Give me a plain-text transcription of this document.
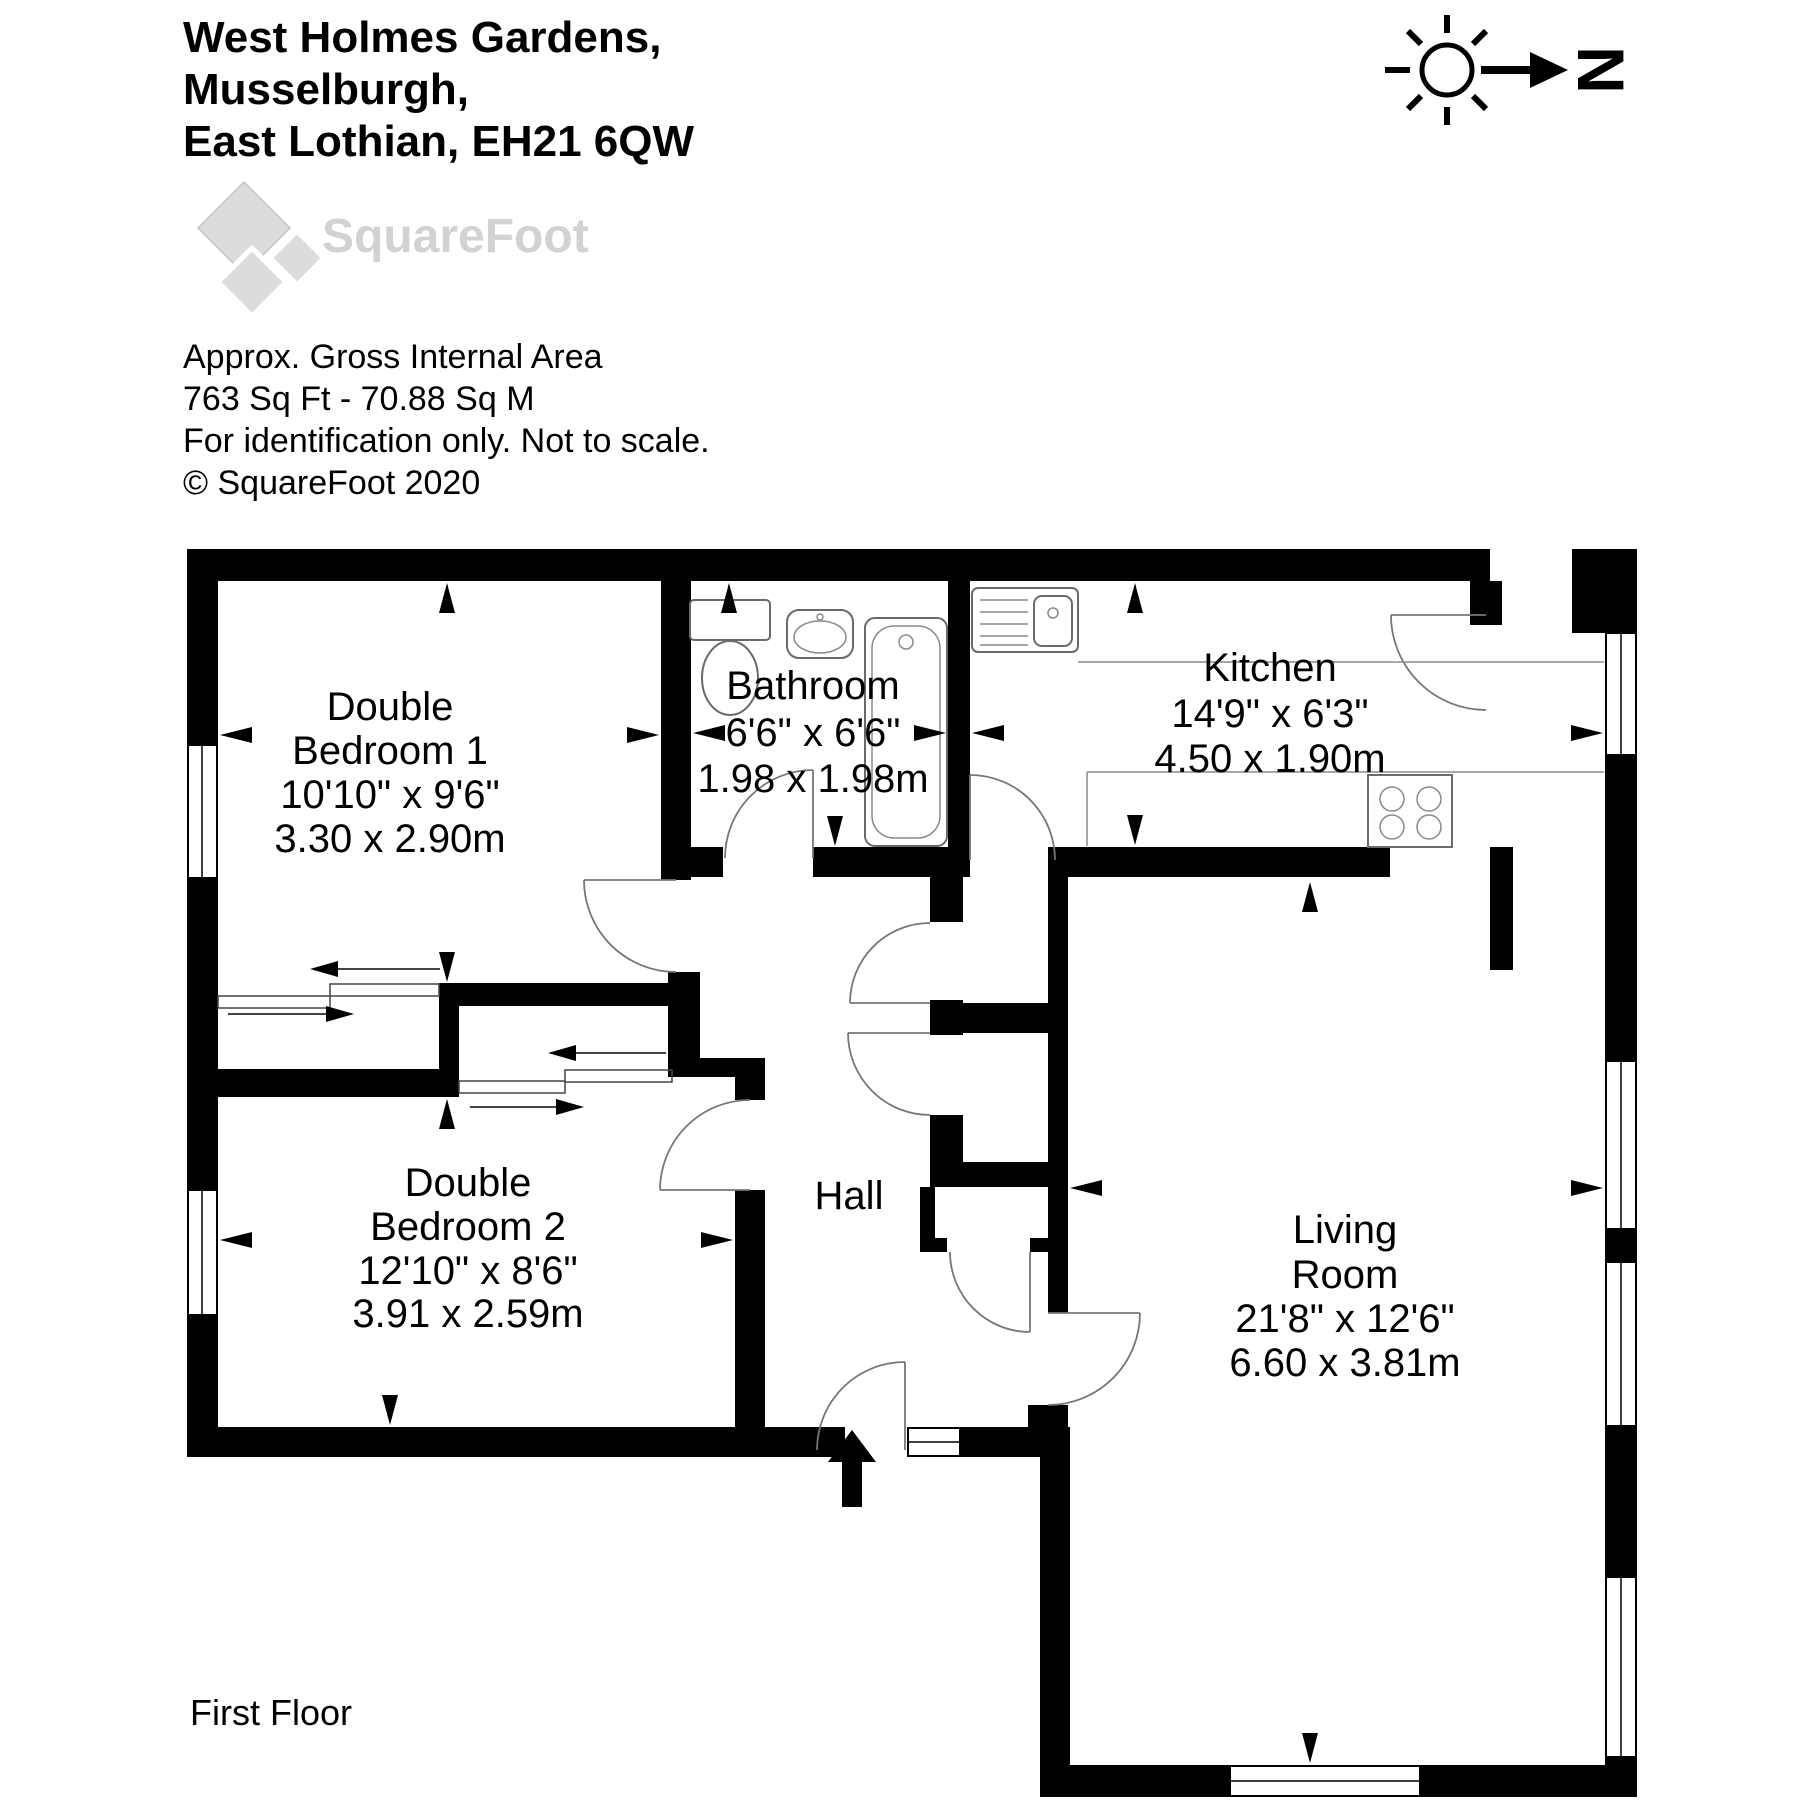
West Holmes Gardens,
Musselburgh,
East Lothian, EH21 6QW
SquareFoot
Approx. Gross Internal Area
763 Sq Ft - 70.88 Sq M
For identification only. Not to scale.
© SquareFoot 2020
N
Double
Bedroom 1
10'10" x 9'6"
3.30 x 2.90m
Bathroom
6'6" x 6'6"
1.98 x 1.98m
Kitchen
14'9" x 6'3"
4.50 x 1.90m
Double
Bedroom 2
12'10" x 8'6"
3.91 x 2.59m
Hall
Living
Room
21'8" x 12'6"
6.60 x 3.81m
First Floor
